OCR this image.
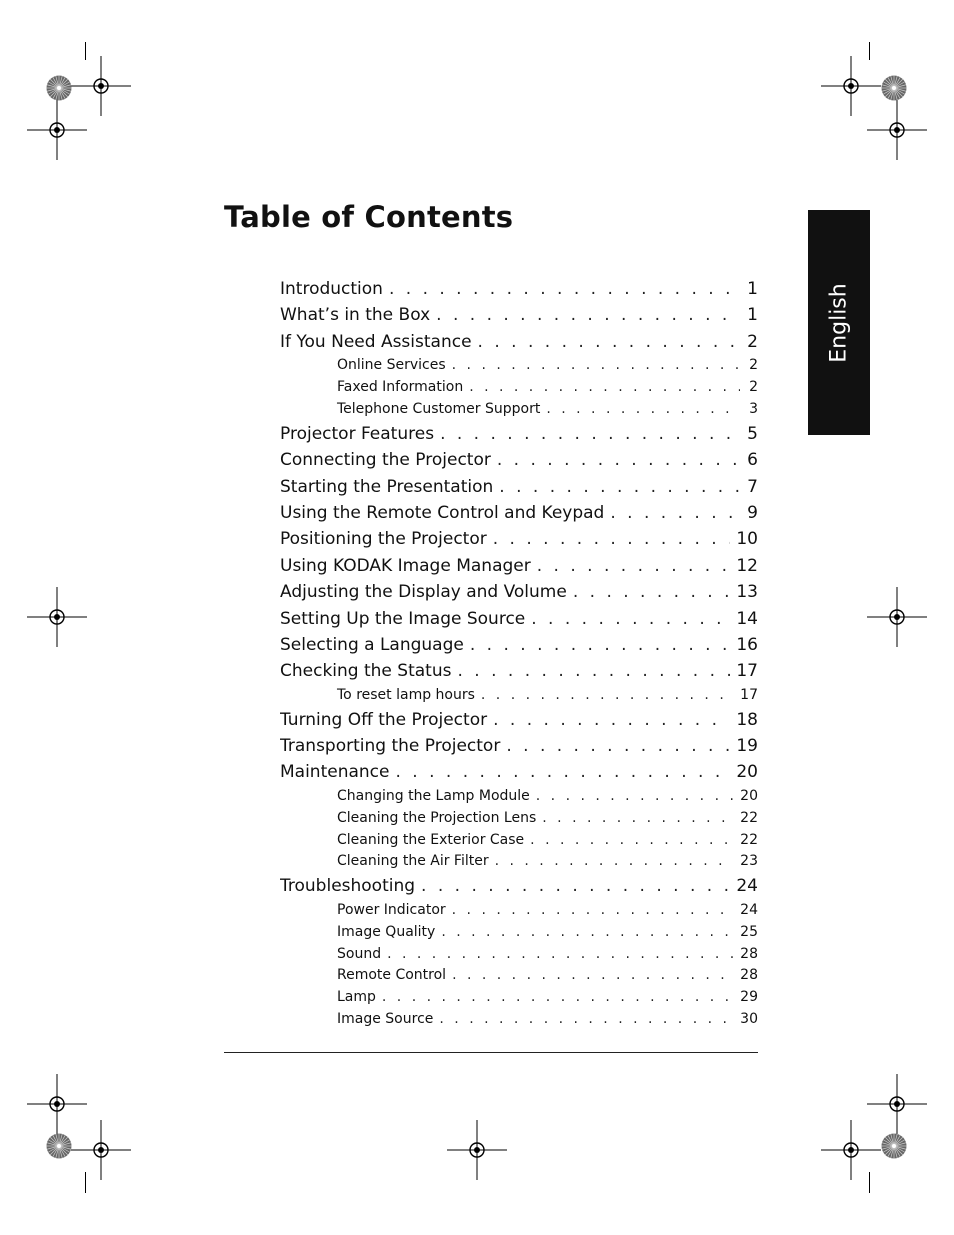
Table of Contents
English
Introduction . . .	1
What’s in the Box . . .	1
If You Need Assistance . . .	2
Online Services . . .	2
Faxed Information . . .	2
Telephone Customer Support . . .	3
Projector Features . . .	5
Connecting the Projector . . .	6
Starting the Presentation . . .	7
Using the Remote Control and Keypad . . .	9
Positioning the Projector . . .	10
Using KODAK Image Manager . . .	12
Adjusting the Display and Volume . . .	13
Setting Up the Image Source . . .	14
Selecting a Language . . .	16
Checking the Status . . .	17
To reset lamp hours . . .	17
Turning Off the Projector . . .	18
Transporting the Projector . . .	19
Maintenance . . .	20
Changing the Lamp Module . . .	20
Cleaning the Projection Lens . . .	22
Cleaning the Exterior Case . . .	22
Cleaning the Air Filter . . .	23
Troubleshooting . . .	24
Power Indicator . . .	24
Image Quality . . .	25
Sound . . .	28
Remote Control . . .	28
Lamp . . .	29
Image Source . . .	30
